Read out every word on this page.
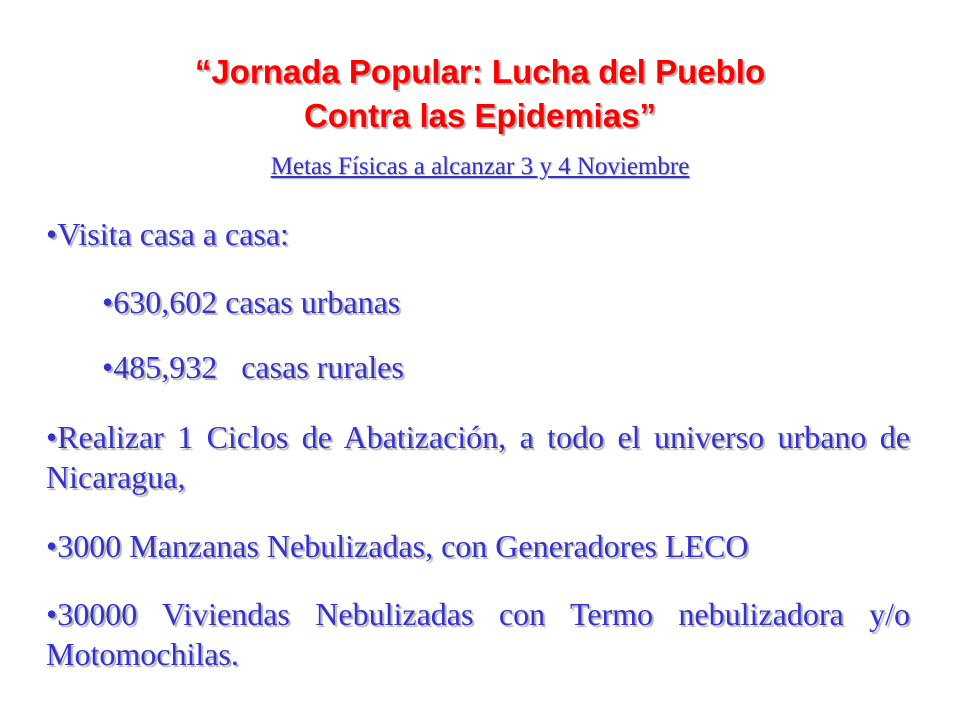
“Jornada Popular: Lucha del Pueblo
Contra las Epidemias”
Metas Físicas a alcanzar 3 y 4 Noviembre
•Visita casa a casa:
•630,602 casas urbanas
•485,932   casas rurales
•Realizar 1 Ciclos de Abatización, a todo el universo urbano de Nicaragua,
•3000 Manzanas Nebulizadas, con Generadores LECO
•30000 Viviendas Nebulizadas con Termo nebulizadora y/o Motomochilas.
